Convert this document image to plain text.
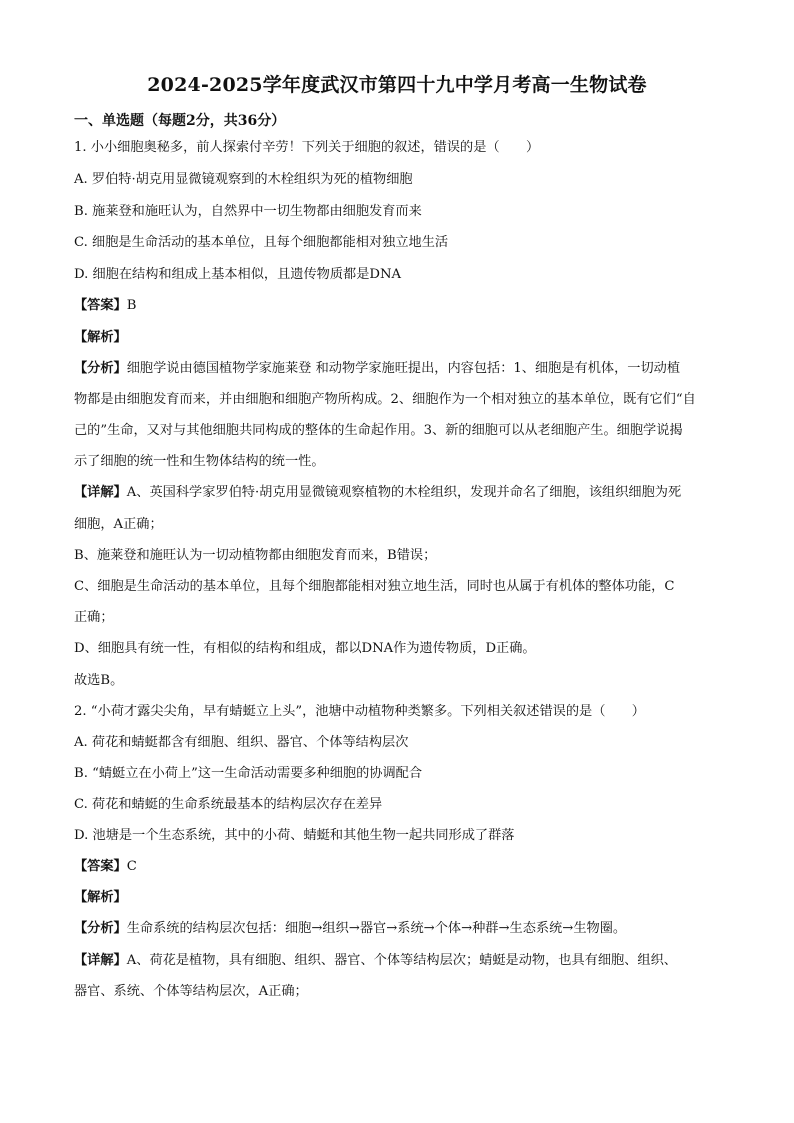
2024-2025学年度武汉市第四十九中学月考高一生物试卷
一、单选题（每题2分，共36分）
1. 小小细胞奥秘多，前人探索付辛劳！下列关于细胞的叙述，错误的是（　　）
A. 罗伯特·胡克用显微镜观察到的木栓组织为死的植物细胞
B. 施莱登和施旺认为，自然界中一切生物都由细胞发育而来
C. 细胞是生命活动的基本单位，且每个细胞都能相对独立地生活
D. 细胞在结构和组成上基本相似，且遗传物质都是DNA
【答案】B
【解析】
【分析】细胞学说由德国植物学家施莱登 和动物学家施旺提出，内容包括：1、细胞是有机体，一切动植
物都是由细胞发育而来，并由细胞和细胞产物所构成。2、细胞作为一个相对独立的基本单位，既有它们“自
己的”生命，又对与其他细胞共同构成的整体的生命起作用。3、新的细胞可以从老细胞产生。细胞学说揭
示了细胞的统一性和生物体结构的统一性。
【详解】A、英国科学家罗伯特·胡克用显微镜观察植物的木栓组织，发现并命名了细胞，该组织细胞为死
细胞，A正确；
B、施莱登和施旺认为一切动植物都由细胞发育而来，B错误；
C、细胞是生命活动的基本单位，且每个细胞都能相对独立地生活，同时也从属于有机体的整体功能，C
正确；
D、细胞具有统一性，有相似的结构和组成，都以DNA作为遗传物质，D正确。
故选B。
2. “小荷才露尖尖角，早有蜻蜓立上头”，池塘中动植物种类繁多。下列相关叙述错误的是（　　）
A. 荷花和蜻蜓都含有细胞、组织、器官、个体等结构层次
B. “蜻蜓立在小荷上”这一生命活动需要多种细胞的协调配合
C. 荷花和蜻蜓的生命系统最基本的结构层次存在差异
D. 池塘是一个生态系统，其中的小荷、蜻蜓和其他生物一起共同形成了群落
【答案】C
【解析】
【分析】生命系统的结构层次包括：细胞→组织→器官→系统→个体→种群→生态系统→生物圈。
【详解】A、荷花是植物，具有细胞、组织、器官、个体等结构层次；蜻蜓是动物，也具有细胞、组织、
器官、系统、个体等结构层次，A正确；
